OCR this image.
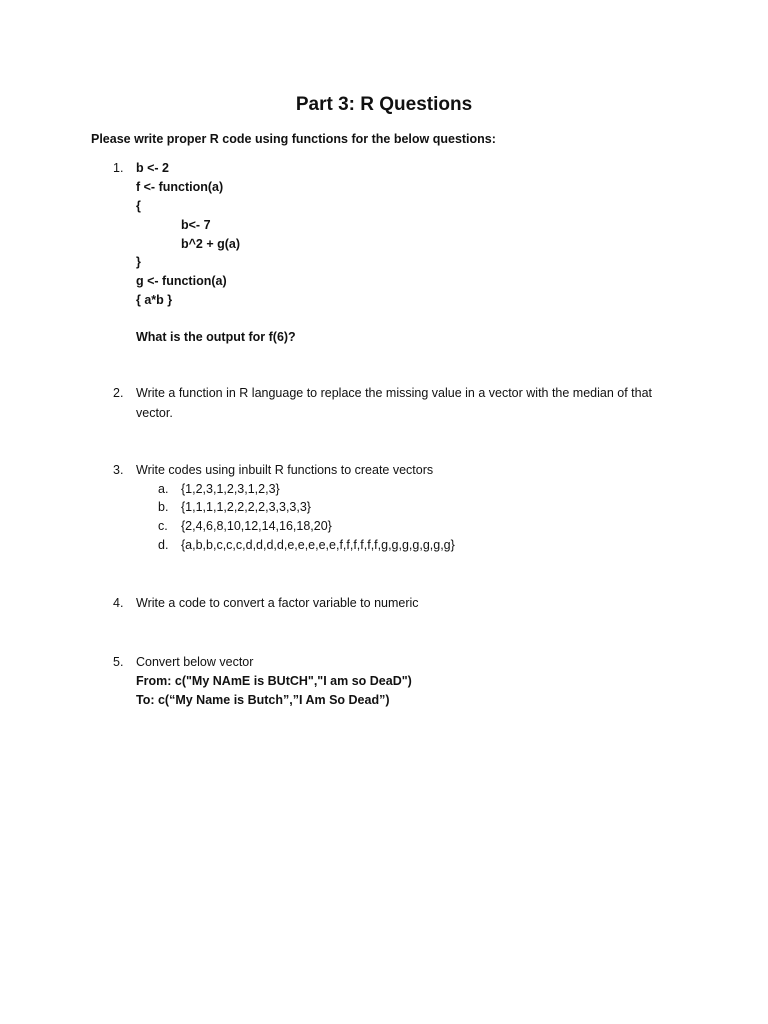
Part 3: R Questions
Please write proper R code using functions for the below questions:
1. b <- 2
f <- function(a)
{
b<- 7
b^2 + g(a)
}
g <- function(a)
{ a*b }
What is the output for f(6)?
2. Write a function in R language to replace the missing value in a vector with the median of that
vector.
3. Write codes using inbuilt R functions to create vectors
a. {1,2,3,1,2,3,1,2,3}
b. {1,1,1,1,2,2,2,2,3,3,3,3}
c. {2,4,6,8,10,12,14,16,18,20}
d. {a,b,b,c,c,c,d,d,d,d,e,e,e,e,e,f,f,f,f,f,f,g,g,g,g,g,g,g}
4. Write a code to convert a factor variable to numeric
5. Convert below vector
From: c("My NAmE is BUtCH","I am so DeaD")
To: c(“My Name is Butch”,”I Am So Dead”)
